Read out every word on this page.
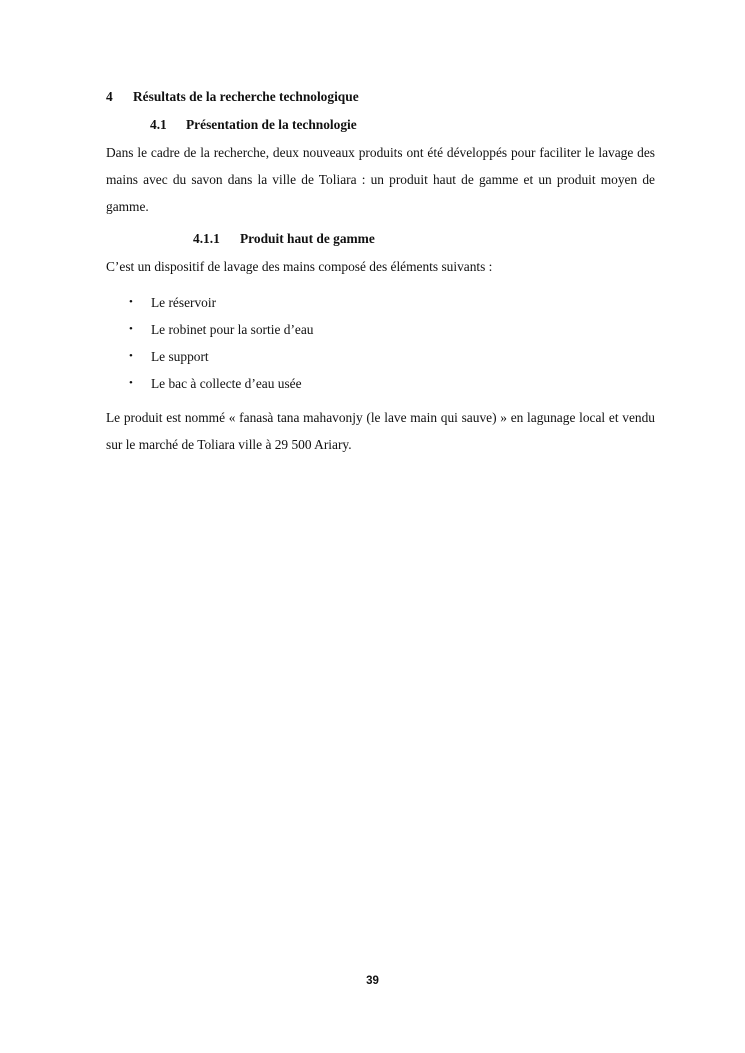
4 Résultats de la recherche technologique
4.1 Présentation de la technologie
Dans le cadre de la recherche, deux nouveaux produits ont été développés pour faciliter le lavage des mains avec du savon dans la ville de Toliara : un produit haut de gamme et un produit moyen de gamme.
4.1.1 Produit haut de gamme
C’est un dispositif de lavage des mains composé des éléments suivants :
• Le réservoir
• Le robinet pour la sortie d’eau
• Le support
• Le bac à collecte d’eau usée
Le produit est nommé « fanasà tana mahavonjy (le lave main qui sauve) » en lagunage local et vendu sur le marché de Toliara ville à 29 500 Ariary.
39
